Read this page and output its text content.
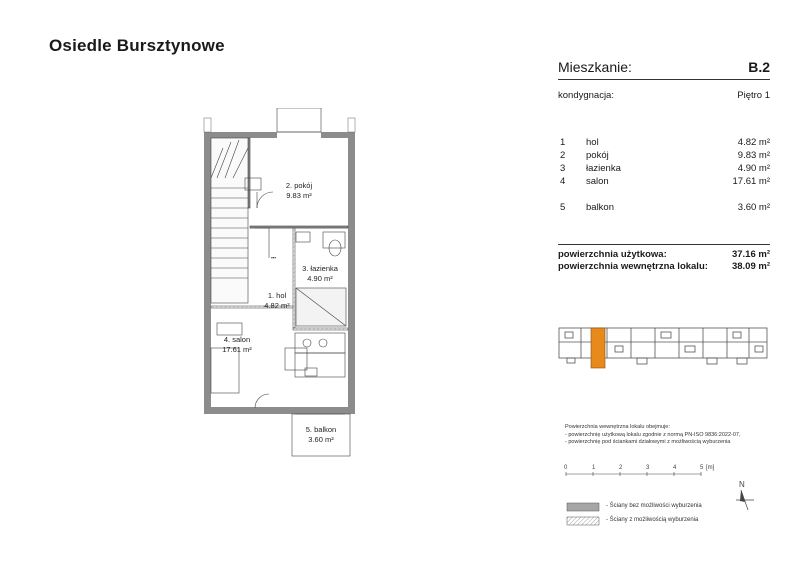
Osiedle Bursztynowe
Mieszkanie:	B.2
kondygnacja:	Piętro 1
1 hol	4.82 m²
2 pokój	9.83 m²
3 łazienka	4.90 m²
4 salon	17.61 m²
5 balkon	3.60 m²
powierzchnia użytkowa:	37.16 m²
powierzchnia wewnętrzna lokalu:	38.09 m²
Powierzchnia wewnętrzna lokalu obejmuje:
- powierzchnię użytkową lokalu zgodnie z normą PN-ISO 9836:2022-07,
- powierzchnię pod ściankami działowymi z możliwością wyburzenia
0	1	2	3	4	5 [m]
- Ściany bez możliwości wyburzenia
- Ściany z możliwością wyburzenia
N
...
2. pokój
9.83 m²
3. łazienka
4.90 m²
1. hol
4.82 m²
4. salon
17.61 m²
5. balkon
3.60 m²
